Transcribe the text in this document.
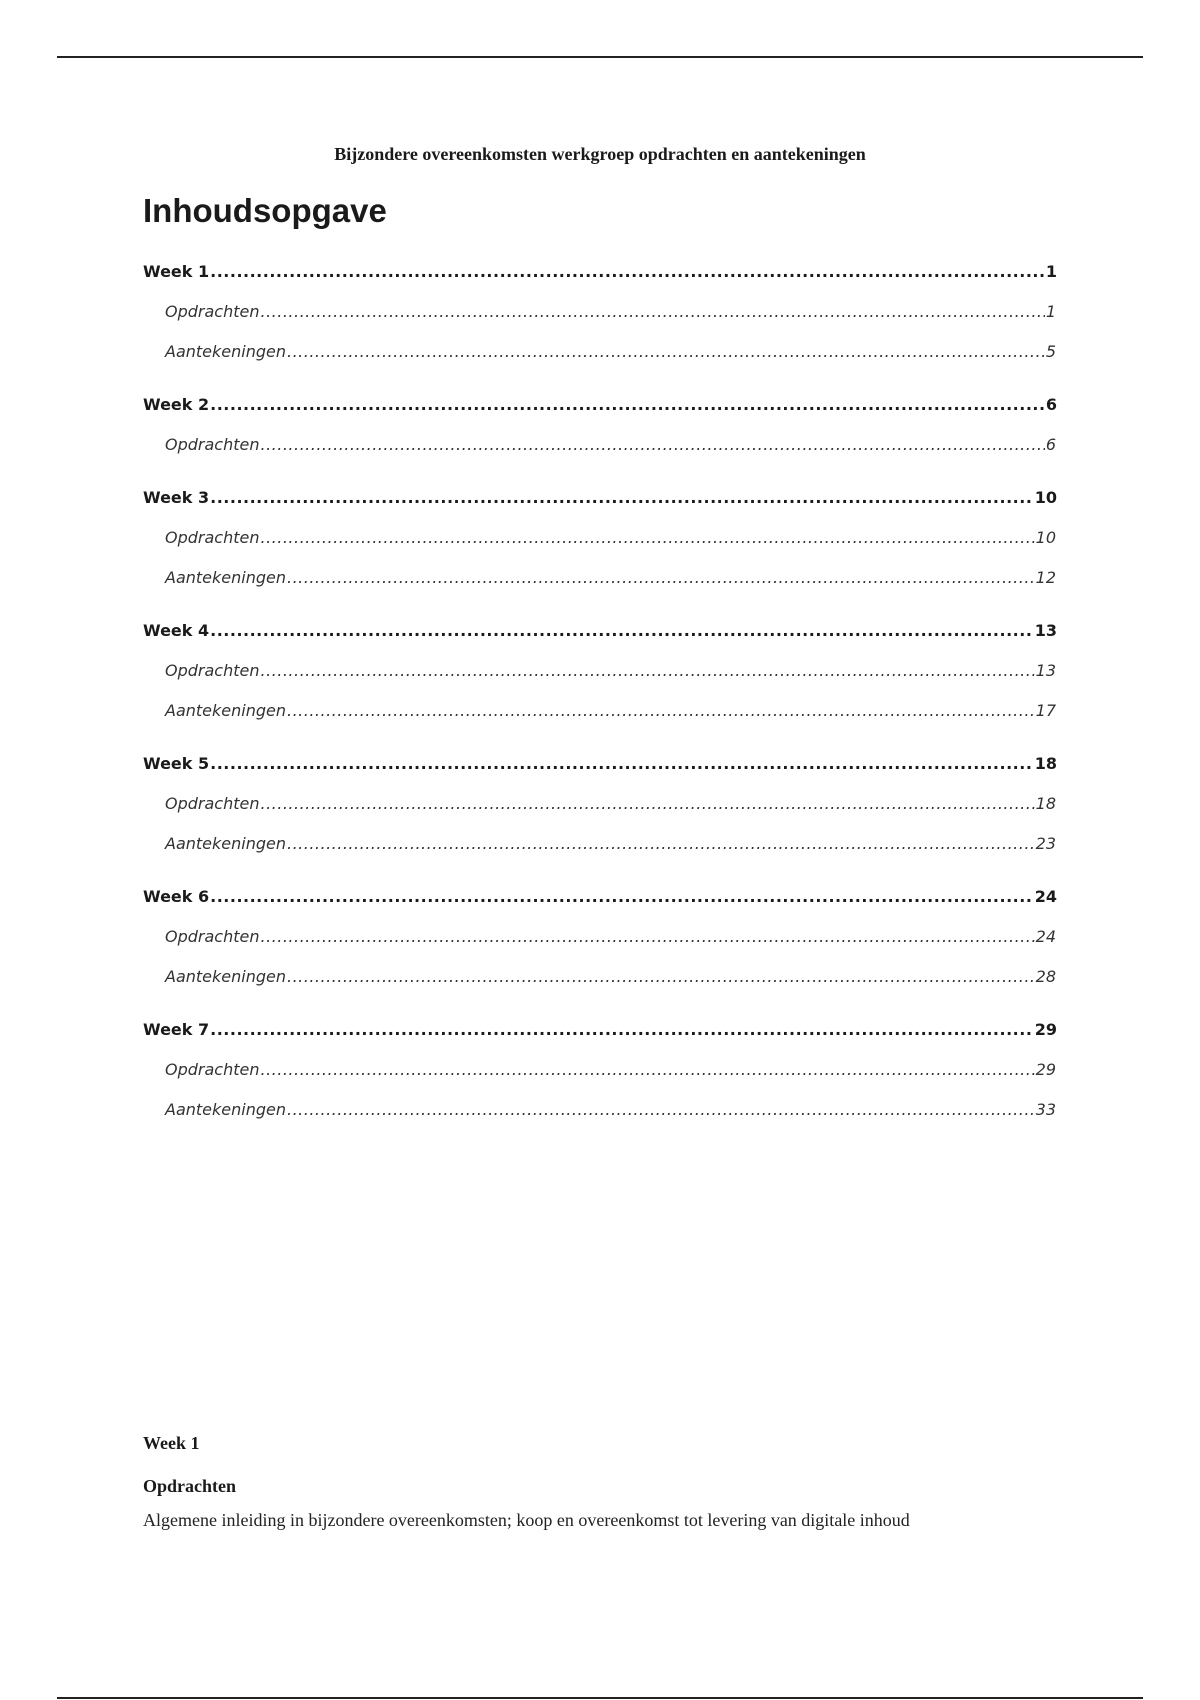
Bijzondere overeenkomsten werkgroep opdrachten en aantekeningen
Inhoudsopgave
Week 1 .....	1
Opdrachten .....	1
Aantekeningen .....	5
Week 2 .....	6
Opdrachten .....	6
Week 3 .....	10
Opdrachten .....	10
Aantekeningen .....	12
Week 4 .....	13
Opdrachten .....	13
Aantekeningen .....	17
Week 5 .....	18
Opdrachten .....	18
Aantekeningen .....	23
Week 6 .....	24
Opdrachten .....	24
Aantekeningen .....	28
Week 7 .....	29
Opdrachten .....	29
Aantekeningen .....	33
Week 1
Opdrachten
Algemene inleiding in bijzondere overeenkomsten; koop en overeenkomst tot levering van digitale inhoud
